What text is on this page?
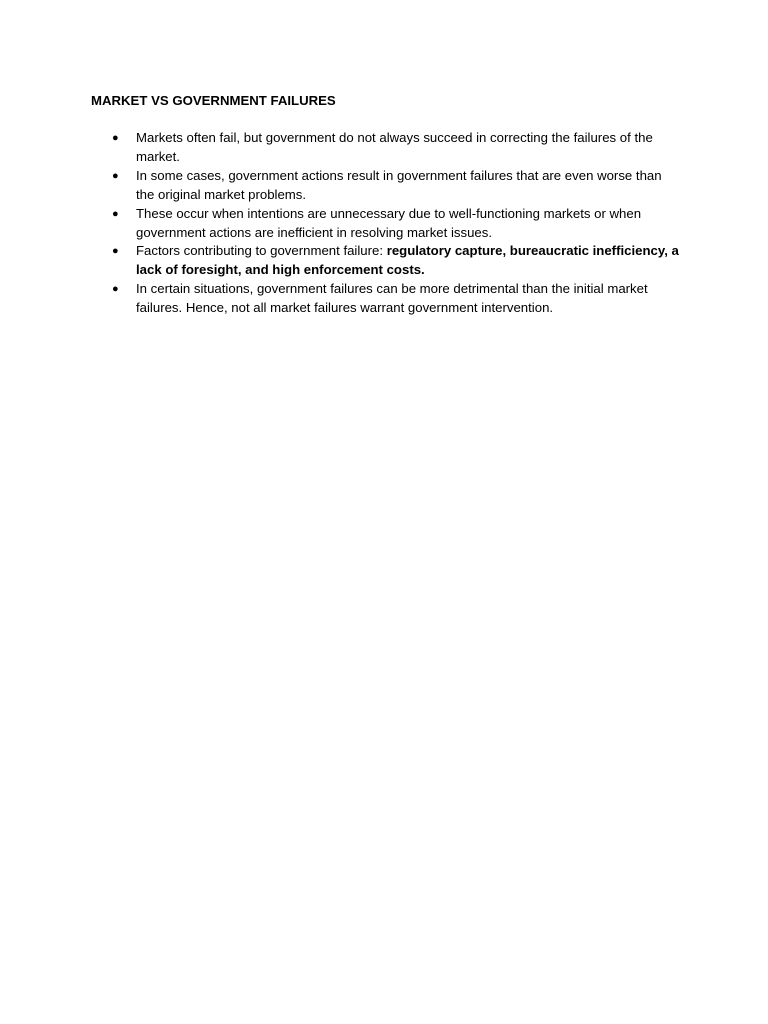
MARKET VS GOVERNMENT FAILURES
●	Markets often fail, but government do not always succeed in correcting the failures of the market.
●	In some cases, government actions result in government failures that are even worse than the original market problems.
●	These occur when intentions are unnecessary due to well-functioning markets or when government actions are inefficient in resolving market issues.
●	Factors contributing to government failure: regulatory capture, bureaucratic inefficiency, a lack of foresight, and high enforcement costs.
●	In certain situations, government failures can be more detrimental than the initial market failures. Hence, not all market failures warrant government intervention.
